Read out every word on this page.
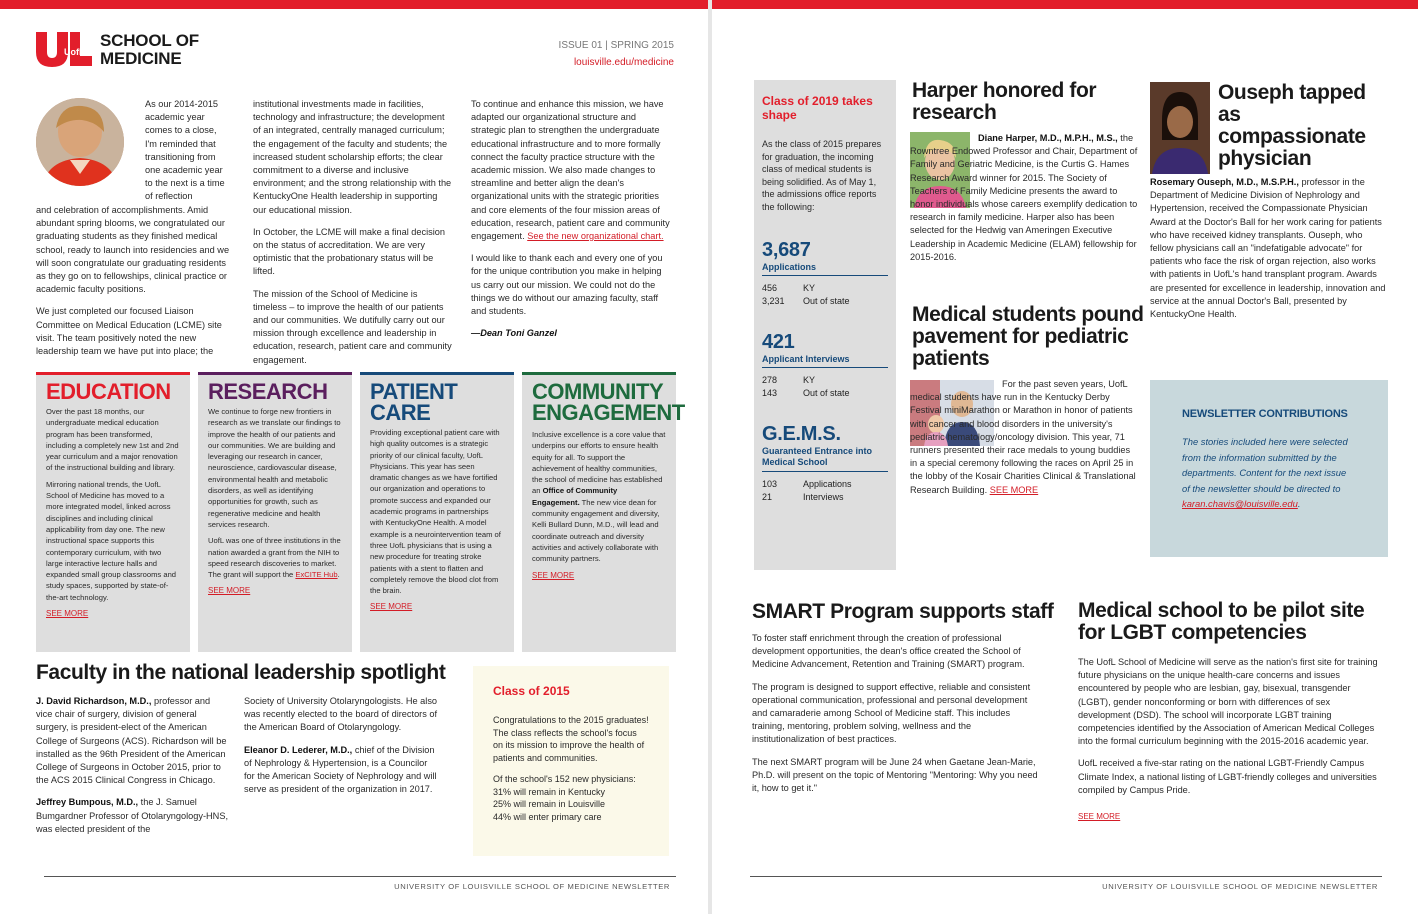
UofL
SCHOOL OF
MEDICINE
ISSUE 01 | SPRING 2015
louisville.edu/medicine

As our 2014-2015 academic year comes to a close, I'm reminded that transitioning from one academic year to the next is a time of reflection

and celebration of accomplishments. Amid abundant spring blooms, we congratulated our graduating students as they finished medical school, ready to launch into residencies and we will soon congratulate our graduating residents as they go on to fellowships, clinical practice or academic faculty positions.

We just completed our focused Liaison Committee on Medical Education (LCME) site visit. The team positively noted the new leadership team we have put into place; the

institutional investments made in facilities, technology and infrastructure; the development of an integrated, centrally managed curriculum; the engagement of the faculty and students; the increased student scholarship efforts; the clear commitment to a diverse and inclusive environment; and the strong relationship with the KentuckyOne Health leadership in supporting our educational mission.

In October, the LCME will make a final decision on the status of accreditation. We are very optimistic that the probationary status will be lifted.

The mission of the School of Medicine is timeless – to improve the health of our patients and our communities. We dutifully carry out our mission through excellence and leadership in education, research, patient care and community engagement.

To continue and enhance this mission, we have adapted our organizational structure and strategic plan to strengthen the undergraduate educational infrastructure and to more formally connect the faculty practice structure with the academic mission. We also made changes to streamline and better align the dean's organizational units with the strategic priorities and core elements of the four mission areas of education, research, patient care and community engagement. See the new organizational chart.

I would like to thank each and every one of you for the unique contribution you make in helping us carry out our mission. We could not do the things we do without our amazing faculty, staff and students.

—Dean Toni Ganzel

EDUCATION

Over the past 18 months, our undergraduate medical education program has been transformed, including a completely new 1st and 2nd year curriculum and a major renovation of the instructional building and library.

Mirroring national trends, the UofL School of Medicine has moved to a more integrated model, linked across disciplines and including clinical applicability from day one. The new instructional space supports this contemporary curriculum, with two large interactive lecture halls and expanded small group classrooms and study spaces, supported by state-of-the-art technology.

SEE MORE
RESEARCH

We continue to forge new frontiers in research as we translate our findings to improve the health of our patients and our communities. We are building and leveraging our research in cancer, neuroscience, cardiovascular disease, environmental health and metabolic disorders, as well as identifying opportunities for growth, such as regenerative medicine and health services research.

UofL was one of three institutions in the nation awarded a grant from the NIH to speed research discoveries to market. The grant will support the ExCITE Hub.

SEE MORE
PATIENT CARE

Providing exceptional patient care with high quality outcomes is a strategic priority of our clinical faculty, UofL Physicians. This year has seen dramatic changes as we have fortified our organization and operations to promote success and expanded our academic programs in partnerships with KentuckyOne Health. A model example is a neurointervention team of three UofL physicians that is using a new procedure for treating stroke patients with a stent to flatten and completely remove the blood clot from the brain.

SEE MORE
COMMUNITY
ENGAGEMENT

Inclusive excellence is a core value that underpins our efforts to ensure health equity for all. To support the achievement of healthy communities, the school of medicine has established an Office of Community Engagement. The new vice dean for community engagement and diversity, Kelli Bullard Dunn, M.D., will lead and coordinate outreach and diversity activities and actively collaborate with community partners.

SEE MORE
Faculty in the national leadership spotlight

J. David Richardson, M.D., professor and vice chair of surgery, division of general surgery, is president-elect of the American College of Surgeons (ACS). Richardson will be installed as the 96th President of the American College of Surgeons in October 2015, prior to the ACS 2015 Clinical Congress in Chicago.

Jeffrey Bumpous, M.D., the J. Samuel Bumgardner Professor of Otolaryngology-HNS, was elected president of the

Society of University Otolaryngologists. He also was recently elected to the board of directors of the American Board of Otolaryngology.

Eleanor D. Lederer, M.D., chief of the Division of Nephrology & Hypertension, is a Councilor for the American Society of Nephrology and will serve as president of the organization in 2017.

Class of 2015

Congratulations to the 2015 graduates! The class reflects the school's focus on its mission to improve the health of patients and communities.

Of the school's 152 new physicians:
31% will remain in Kentucky
25% will remain in Louisville
44% will enter primary care
UNIVERSITY OF LOUISVILLE SCHOOL OF MEDICINE NEWSLETTER
Class of 2019 takes shape

As the class of 2015 prepares for graduation, the incoming class of medical students is being solidified. As of May 1, the admissions office reports the following:

3,687
Applications
456	KY
3,231	Out of state
421
Applicant Interviews
278	KY
143	Out of state
G.E.M.S.
Guaranteed Entrance into Medical School
103	Applications
21	Interviews
Harper honored for research

Diane Harper, M.D., M.P.H., M.S., the Rowntree Endowed Professor and Chair, Department of Family and Geriatric Medicine, is the Curtis G. Hames Research Award winner for 2015. The Society of Teachers of Family Medicine presents the award to honor individuals whose careers exemplify dedication to research in family medicine. Harper also has been selected for the Hedwig van Ameringen Executive Leadership in Academic Medicine (ELAM) fellowship for 2015-2016.

Ouseph tapped as compassionate physician

Rosemary Ouseph, M.D., M.S.P.H., professor in the Department of Medicine Division of Nephrology and Hypertension, received the Compassionate Physician Award at the Doctor's Ball for her work caring for patients who have received kidney transplants. Ouseph, who fellow physicians call an "indefatigable advocate" for patients who face the risk of organ rejection, also works with patients in UofL's hand transplant program. Awards are presented for excellence in leadership, innovation and service at the annual Doctor's Ball, presented by KentuckyOne Health.

Medical students pound pavement for pediatric patients

For the past seven years, UofL medical students have run in the Kentucky Derby Festival miniMarathon or Marathon in honor of patients with cancer and blood disorders in the university's pediatric hematology/oncology division. This year, 71 runners presented their race medals to young buddies in a special ceremony following the races on April 25 in the lobby of the Kosair Charities Clinical & Translational Research Building. SEE MORE

NEWSLETTER CONTRIBUTIONS

The stories included here were selected from the information submitted by the departments. Content for the next issue of the newsletter should be directed to
karan.chavis@louisville.edu.

SMART Program supports staff

To foster staff enrichment through the creation of professional development opportunities, the dean's office created the School of Medicine Advancement, Retention and Training (SMART) program.

The program is designed to support effective, reliable and consistent operational communication, professional and personal development and camaraderie among School of Medicine staff. This includes training, mentoring, problem solving, wellness and the institutionalization of best practices.

The next SMART program will be June 24 when Gaetane Jean-Marie, Ph.D. will present on the topic of Mentoring "Mentoring: Why you need it, how to get it."

Medical school to be pilot site for LGBT competencies

The UofL School of Medicine will serve as the nation's first site for training future physicians on the unique health-care concerns and issues encountered by people who are lesbian, gay, bisexual, transgender (LGBT), gender nonconforming or born with differences of sex development (DSD). The school will incorporate LGBT training competencies identified by the Association of American Medical Colleges into the formal curriculum beginning with the 2015-2016 academic year.

UofL received a five-star rating on the national LGBT-Friendly Campus Climate Index, a national listing of LGBT-friendly colleges and universities compiled by Campus Pride.

SEE MORE
UNIVERSITY OF LOUISVILLE SCHOOL OF MEDICINE NEWSLETTER
